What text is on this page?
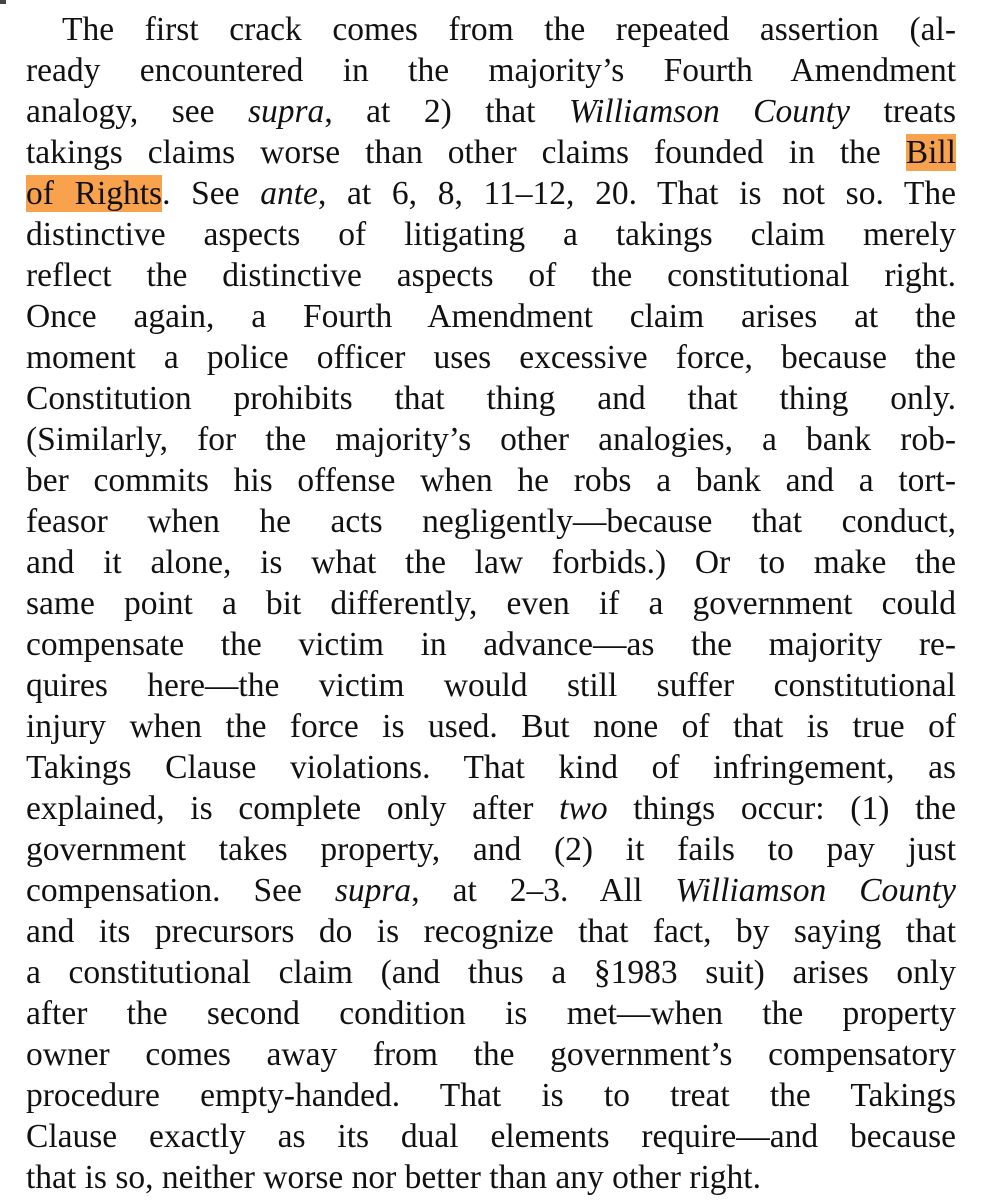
The first crack comes from the repeated assertion (al-
ready encountered in the majority’s Fourth Amendment
analogy, see supra, at 2) that Williamson County treats
takings claims worse than other claims founded in the Bill
of Rights. See ante, at 6, 8, 11–12, 20. That is not so. The
distinctive aspects of litigating a takings claim merely
reflect the distinctive aspects of the constitutional right.
Once again, a Fourth Amendment claim arises at the
moment a police officer uses excessive force, because the
Constitution prohibits that thing and that thing only.
(Similarly, for the majority’s other analogies, a bank rob-
ber commits his offense when he robs a bank and a tort-
feasor when he acts negligently—because that conduct,
and it alone, is what the law forbids.) Or to make the
same point a bit differently, even if a government could
compensate the victim in advance—as the majority re-
quires here—the victim would still suffer constitutional
injury when the force is used. But none of that is true of
Takings Clause violations. That kind of infringement, as
explained, is complete only after two things occur: (1) the
government takes property, and (2) it fails to pay just
compensation. See supra, at 2–3. All Williamson County
and its precursors do is recognize that fact, by saying that
a constitutional claim (and thus a §1983 suit) arises only
after the second condition is met—when the property
owner comes away from the government’s compensatory
procedure empty-handed. That is to treat the Takings
Clause exactly as its dual elements require—and because
that is so, neither worse nor better than any other right.
